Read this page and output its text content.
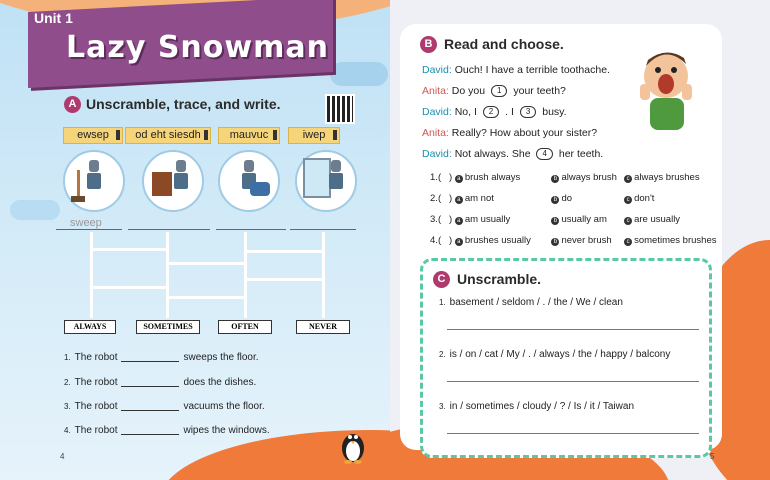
Unit 1
Lazy Snowman
A Unscramble, trace, and write.
ewsep	od eht siesdh	mauvuc	iwep
sweep
ALWAYS	SOMETIMES	OFTEN	NEVER
1. The robot	sweeps the floor.
2. The robot	does the dishes.
3. The robot	vacuums the floor.
4. The robot	wipes the windows.
4
B Read and choose.
David: Ouch! I have a terrible toothache.
Anita: Do you 1 your teeth?
David: No, I 2 . I 3 busy.
Anita: Really? How about your sister?
David: Not always. She 4 her teeth.
1.(   ) a brush always	b always brush c always brushes
2.(   ) a am not	b do	c don't
3.(   ) a am usually	b usually am	c are usually
4.(   ) a brushes usually	b never brush c sometimes brushes
C Unscramble.
1. basement / seldom / . / the / We / clean
2. is / on / cat / My / . / always / the / happy / balcony
3. in / sometimes / cloudy / ? / Is / it / Taiwan
5
